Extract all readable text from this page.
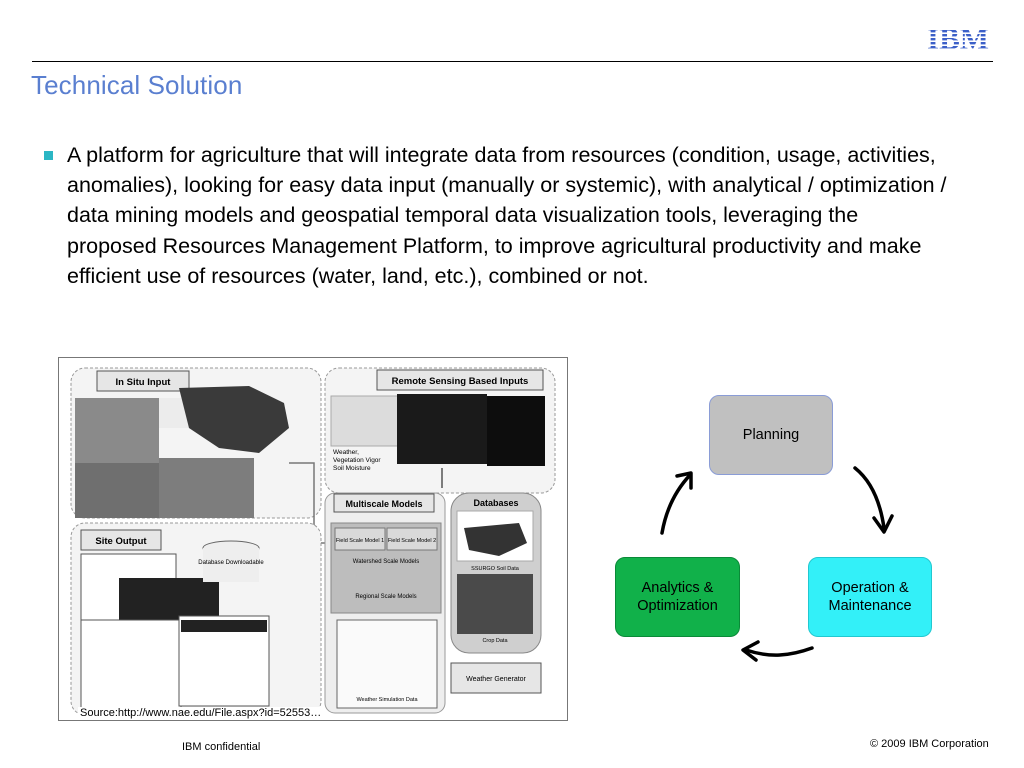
IBM
Technical Solution
A platform for agriculture that will integrate data from resources (condition, usage, activities, anomalies), looking for easy data input (manually or systemic), with analytical / optimization / data mining models and geospatial temporal data visualization tools, leveraging the proposed Resources Management Platform, to improve agricultural productivity and make efficient use of resources (water, land, etc.), combined or not.
In Situ Input	Remote Sensing Based Inputs
Weather,
Vegetation Vigor
Soil Moisture
Multiscale Models
Field Scale Model 1 Field Scale Model 2
Watershed Scale Models
Regional Scale Models
Databases
SSURGO Soil Data
Crop Data
Site Output
Database Downloadable
Weather Simulation Data
Weather Generator
Source:http://www.nae.edu/File.aspx?id=52553…
Planning
Analytics &
Optimization
Operation &
Maintenance
IBM confidential	© 2009 IBM Corporation
